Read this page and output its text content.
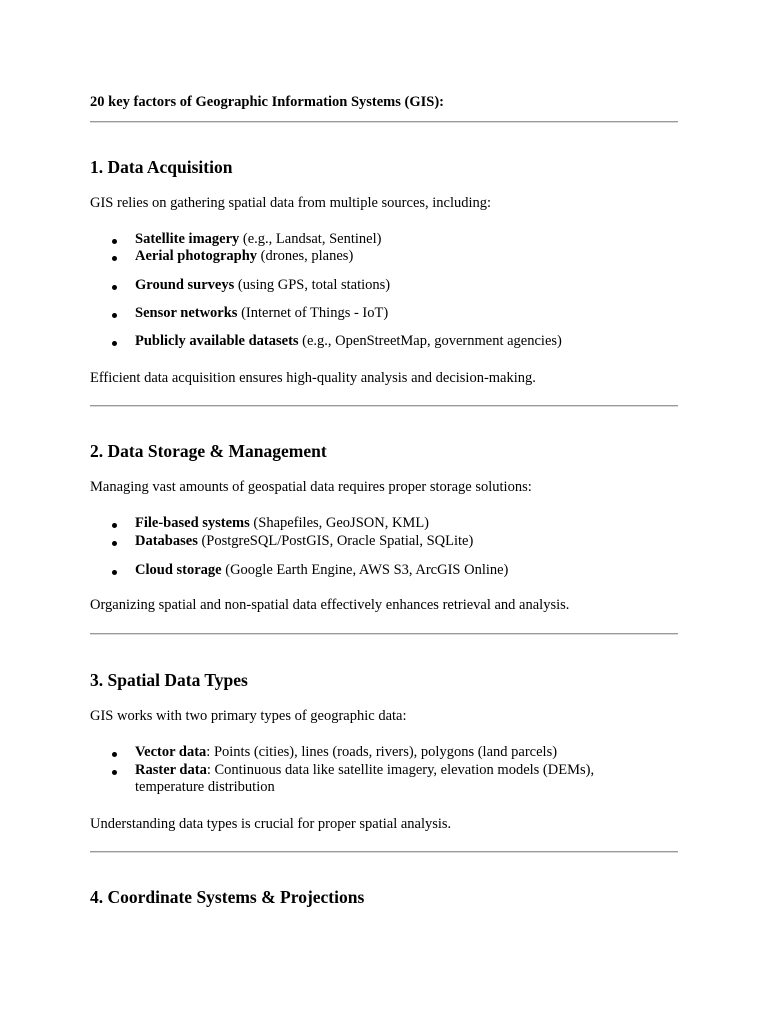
20 key factors of Geographic Information Systems (GIS):

1. Data Acquisition

GIS relies on gathering spatial data from multiple sources, including:

Satellite imagery (e.g., Landsat, Sentinel)
Aerial photography (drones, planes)
Ground surveys (using GPS, total stations)
Sensor networks (Internet of Things - IoT)
Publicly available datasets (e.g., OpenStreetMap, government agencies)

Efficient data acquisition ensures high-quality analysis and decision-making.

2. Data Storage & Management

Managing vast amounts of geospatial data requires proper storage solutions:

File-based systems (Shapefiles, GeoJSON, KML)
Databases (PostgreSQL/PostGIS, Oracle Spatial, SQLite)
Cloud storage (Google Earth Engine, AWS S3, ArcGIS Online)

Organizing spatial and non-spatial data effectively enhances retrieval and analysis.

3. Spatial Data Types

GIS works with two primary types of geographic data:

Vector data: Points (cities), lines (roads, rivers), polygons (land parcels)
Raster data: Continuous data like satellite imagery, elevation models (DEMs),
temperature distribution

Understanding data types is crucial for proper spatial analysis.

4. Coordinate Systems & Projections
